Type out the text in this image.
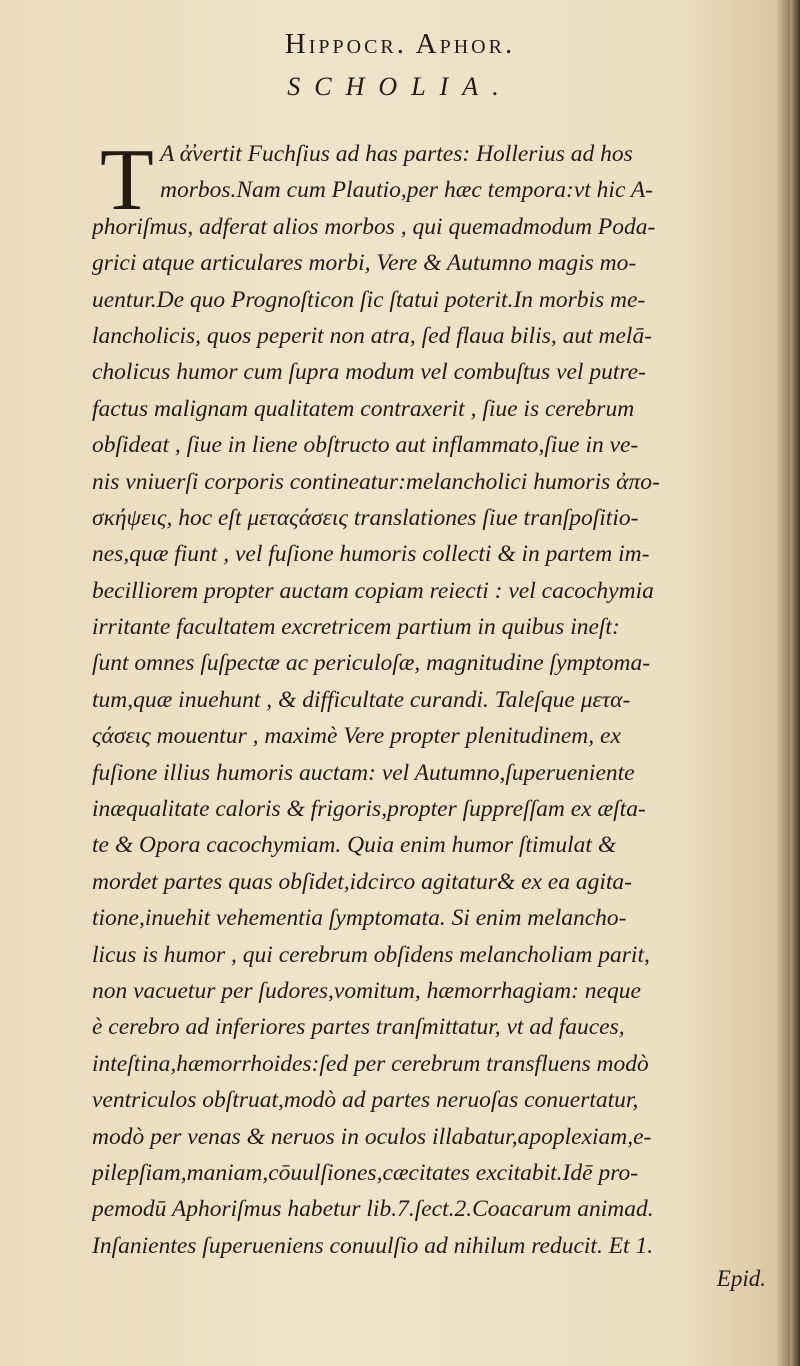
Hippocr. Aphor.
SCHOLIA.
T A ἀ̓vertit Fuchſius ad has partes: Hollerius ad hos
morbos.Nam cum Plautio,per hæc tempora:vt hic A-
phoriſmus, adferat alios morbos , qui quemadmodum Poda-
grici atque articulares morbi, Vere & Autumno magis mo-
uentur.De quo Prognoſticon ſic ſtatui poterit.In morbis me-
lancholicis, quos peperit non atra, ſed flaua bilis, aut melā-
cholicus humor cum ſupra modum vel combuſtus vel putre-
factus malignam qualitatem contraxerit , ſiue is cerebrum
obſideat , ſiue in liene obſtructo aut inflammato,ſiue in ve-
nis vniuerſi corporis contineatur:melancholici humoris ἀπο-
σκήψεις, hoc eſt μεταςάσεις translationes ſiue tranſpoſitio-
nes,quæ fiunt , vel fuſione humoris collecti & in partem im-
becilliorem propter auctam copiam reiecti : vel cacochymia
irritante facultatem excretricem partium in quibus ineſt:
ſunt omnes ſuſpectæ ac periculoſæ, magnitudine ſymptoma-
tum,quæ inuehunt , & difficultate curandi. Taleſque μετα-
ςάσεις mouentur , maximè Vere propter plenitudinem, ex
fuſione illius humoris auctam: vel Autumno,ſuperueniente
inæqualitate caloris & frigoris,propter ſuppreſſam ex æſta-
te & Opora cacochymiam. Quia enim humor ſtimulat &
mordet partes quas obſidet,idcirco agitatur& ex ea agita-
tione,inuehit vehementia ſymptomata. Si enim melancho-
licus is humor , qui cerebrum obſidens melancholiam parit,
non vacuetur per ſudores,vomitum, hæmorrhagiam: neque
è cerebro ad inferiores partes tranſmittatur, vt ad fauces,
inteſtina,hæmorrhoides:ſed per cerebrum transfluens modò
ventriculos obſtruat,modò ad partes neruoſas conuertatur,
modò per venas & neruos in oculos illabatur,apoplexiam,e-
pilepſiam,maniam,cōuulſiones,cæcitates excitabit.Idē pro-
pemodū Aphoriſmus habetur lib.7.ſect.2.Coacarum animad.
Inſanientes ſuperueniens conuulſio ad nihilum reducit. Et 1.
Epid.
